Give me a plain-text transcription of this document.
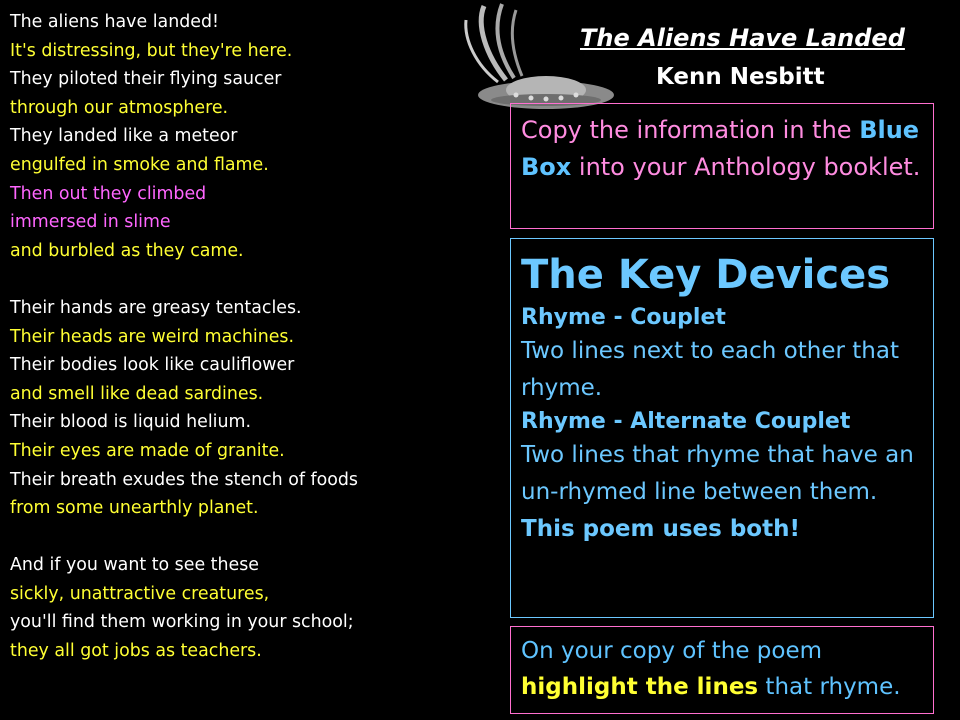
The aliens have landed!
It's distressing, but they're here.
They piloted their flying saucer
through our atmosphere.
They landed like a meteor
engulfed in smoke and flame.
Then out they climbed
immersed in slime
and burbled as they came.
Their hands are greasy tentacles.
Their heads are weird machines.
Their bodies look like cauliflower
and smell like dead sardines.
Their blood is liquid helium.
Their eyes are made of granite.
Their breath exudes the stench of foods
from some unearthly planet.
And if you want to see these
sickly, unattractive creatures,
you'll find them working in your school;
they all got jobs as teachers.
The Aliens Have Landed
Kenn Nesbitt
Copy the information in the Blue Box into your Anthology booklet.
The Key Devices
Rhyme - Couplet
Two lines next to each other that rhyme.
Rhyme - Alternate Couplet
Two lines that rhyme that have an un-rhymed line between them.
This poem uses both!
On your copy of the poem highlight the lines that rhyme.
